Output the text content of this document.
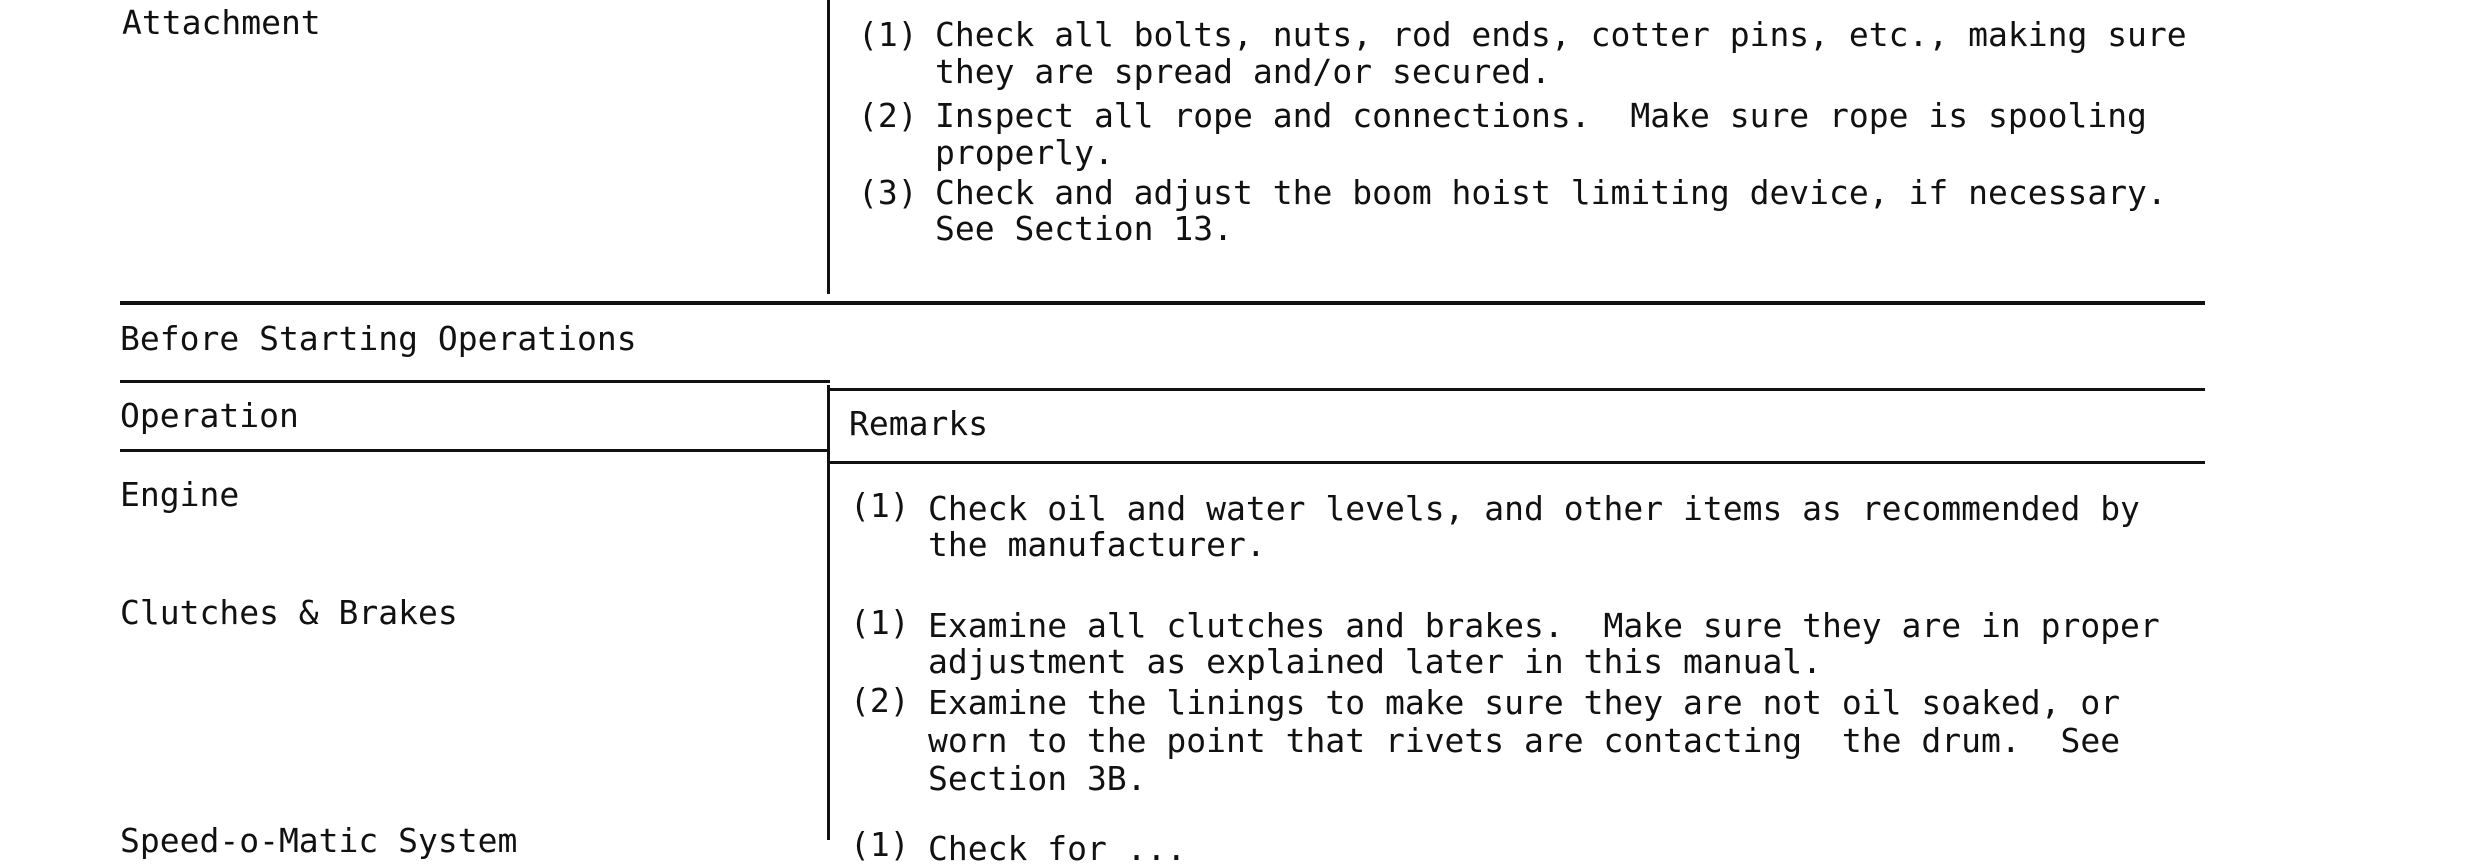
Attachment	(1) Check all bolts, nuts, rod ends, cotter pins, etc., making sure
they are spread and/or secured.
(2) Inspect all rope and connections.  Make sure rope is spooling
properly.
(3) Check and adjust the boom hoist limiting device, if necessary.
See Section 13.
Before Starting Operations
Operation	Remarks
Engine	(1) Check oil and water levels, and other items as recommended by
the manufacturer.
Clutches & Brakes	(1) Examine all clutches and brakes.  Make sure they are in proper
adjustment as explained later in this manual.
(2) Examine the linings to make sure they are not oil soaked, or
worn to the point that rivets are contacting  the drum.  See
Section 3B.
Speed-o-Matic System	(1) Check for ...
